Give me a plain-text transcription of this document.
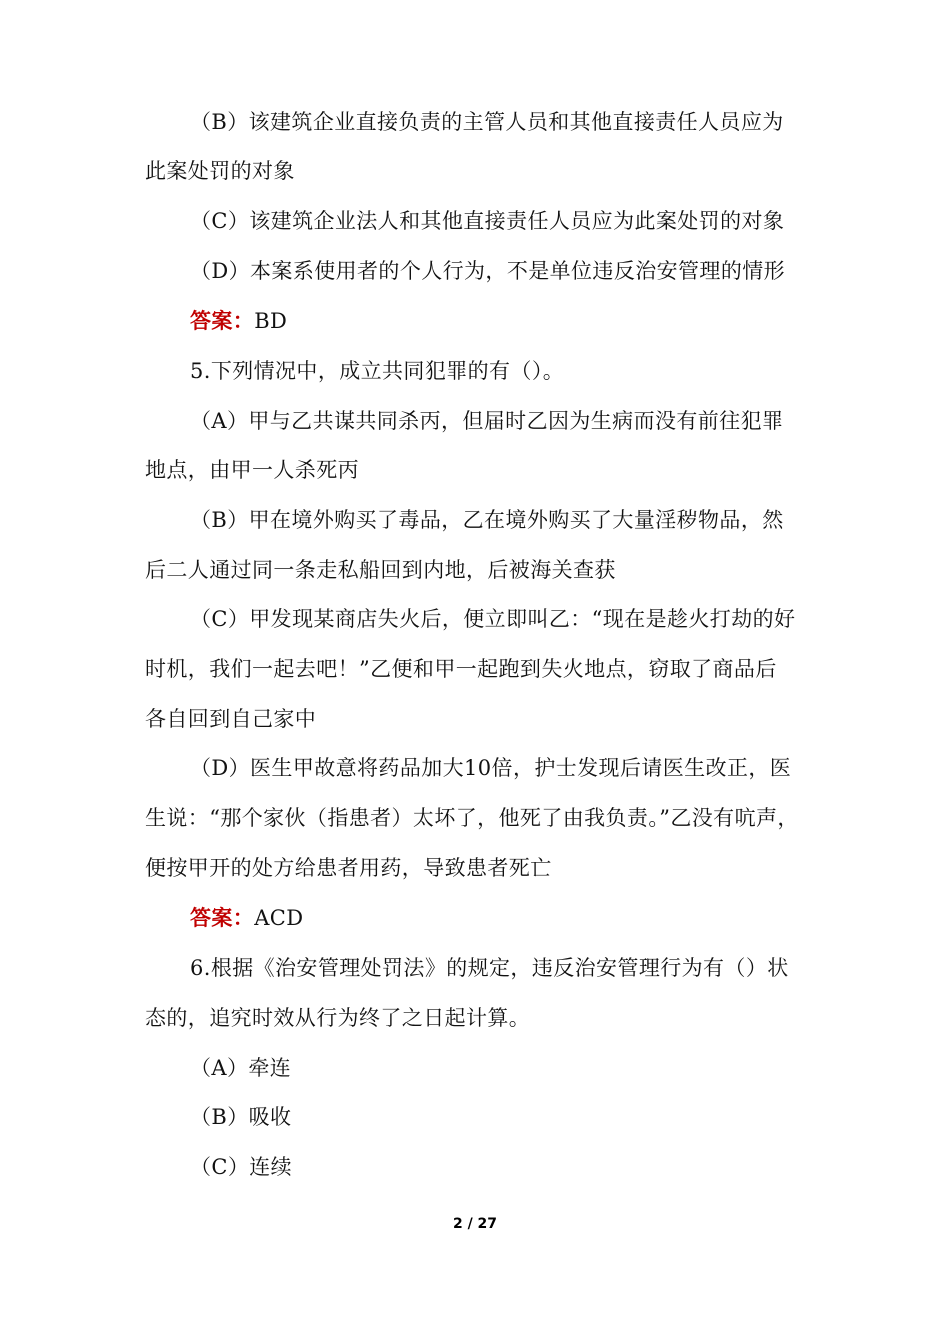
（B）该建筑企业直接负责的主管人员和其他直接责任人员应为
此案处罚的对象
（C）该建筑企业法人和其他直接责任人员应为此案处罚的对象
（D）本案系使用者的个人行为，不是单位违反治安管理的情形
答案：BD
5.下列情况中，成立共同犯罪的有（）。
（A）甲与乙共谋共同杀丙，但届时乙因为生病而没有前往犯罪
地点，由甲一人杀死丙
（B）甲在境外购买了毒品，乙在境外购买了大量淫秽物品，然
后二人通过同一条走私船回到内地，后被海关查获
（C）甲发现某商店失火后，便立即叫乙：“现在是趁火打劫的好
时机，我们一起去吧！”乙便和甲一起跑到失火地点，窃取了商品后
各自回到自己家中
（D）医生甲故意将药品加大10倍，护士发现后请医生改正，医
生说：“那个家伙（指患者）太坏了，他死了由我负责。”乙没有吭声，
便按甲开的处方给患者用药，导致患者死亡
答案：ACD
6.根据《治安管理处罚法》的规定，违反治安管理行为有（）状
态的，追究时效从行为终了之日起计算。
（A）牵连
（B）吸收
（C）连续
2 / 27
